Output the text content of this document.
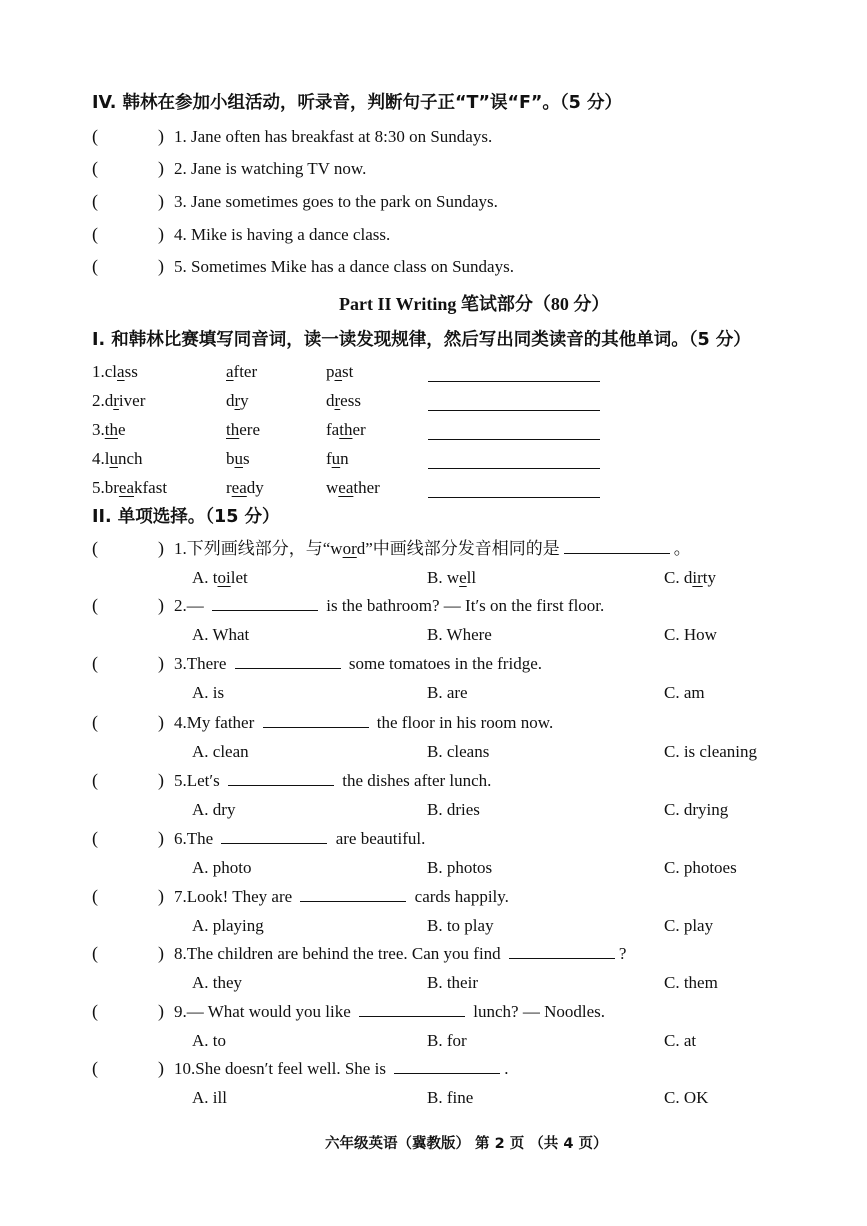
IV. 韩林在参加小组活动，听录音，判断句子正“T”误“F”。（5 分）
(	) 1. Jane often has breakfast at 8:30 on Sundays.
(	) 2. Jane is watching TV now.
(	) 3. Jane sometimes goes to the park on Sundays.
(	) 4. Mike is having a dance class.
(	) 5. Sometimes Mike has a dance class on Sundays.
Part II Writing 笔试部分（80 分）
I. 和韩林比赛填写同音词，读一读发现规律，然后写出同类读音的其他单词。（5 分）
1.class	after	past
2.driver	dry	dress
3.the	there	father
4.lunch	bus	fun
5.breakfast	ready	weather
II. 单项选择。（15 分）
(	) 1.下列画线部分，与“word”中画线部分发音相同的是	。
A. toilet	B. well	C. dirty
(	) 2.—	is the bathroom? — It′s on the first floor.
A. What	B. Where	C. How
(	) 3.There	some tomatoes in the fridge.
A. is	B. are	C. am
(	) 4.My father	the floor in his room now.
A. clean	B. cleans	C. is cleaning
(	) 5.Let′s	the dishes after lunch.
A. dry	B. dries	C. drying
(	) 6.The	are beautiful.
A. photo	B. photos	C. photoes
(	) 7.Look! They are	cards happily.
A. playing	B. to play	C. play
(	) 8.The children are behind the tree. Can you find	?
A. they	B. their	C. them
(	) 9.— What would you like	lunch? — Noodles.
A. to	B. for	C. at
(	) 10.She doesn′t feel well. She is	.
A. ill	B. fine	C. OK
六年级英语（冀教版） 第 2 页 （共 4 页）
